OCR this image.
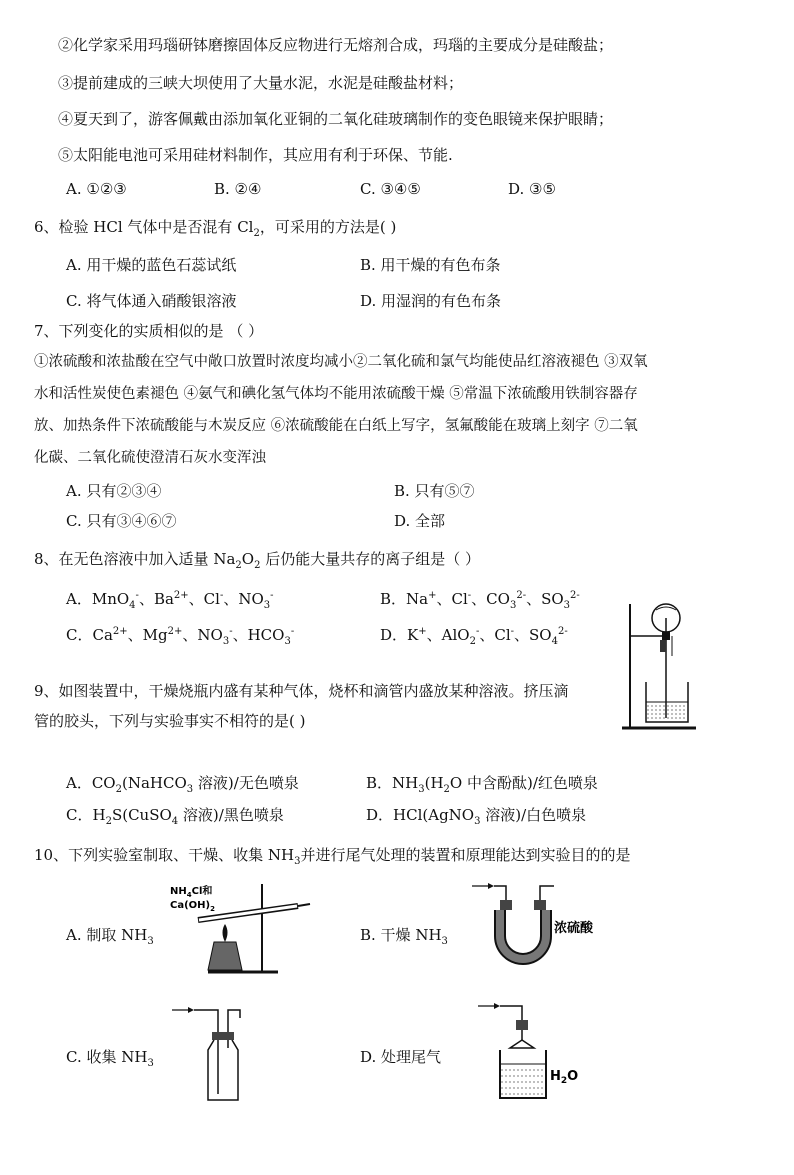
②化学家采用玛瑙研钵磨擦固体反应物进行无熔剂合成，玛瑙的主要成分是硅酸盐；
③提前建成的三峡大坝使用了大量水泥，水泥是硅酸盐材料；
④夏天到了，游客佩戴由添加氧化亚铜的二氧化硅玻璃制作的变色眼镜来保护眼睛；
⑤太阳能电池可采用硅材料制作，其应用有利于环保、节能.
A. ①②③	B. ②④	C. ③④⑤	D. ③⑤
6、检验 HCl 气体中是否混有 $Cl_2$，可采用的方法是( )
A. 用干燥的蓝色石蕊试纸	B. 用干燥的有色布条
C. 将气体通入硝酸银溶液	D. 用湿润的有色布条
7、下列变化的实质相似的是 （ ）
①浓硫酸和浓盐酸在空气中敞口放置时浓度均减小②二氧化硫和氯气均能使品红溶液褪色 ③双氧
水和活性炭使色素褪色 ④氨气和碘化氢气体均不能用浓硫酸干燥 ⑤常温下浓硫酸用铁制容器存
放、加热条件下浓硫酸能与木炭反应 ⑥浓硫酸能在白纸上写字，氢氟酸能在玻璃上刻字 ⑦二氧
化碳、二氧化硫使澄清石灰水变浑浊
A. 只有②③④	B. 只有⑤⑦
C. 只有③④⑥⑦	D. 全部
8、在无色溶液中加入适量 $Na_2O_2$ 后仍能大量共存的离子组是（ ）
A．MnO$_4$-、$Ba^{2+}$、Cl-、$NO_3^-$	B．Na+、Cl-、$CO_3^{2-}$、$SO_3^{2-}$
C．$Ca^{2+}$、$Mg^{2+}$、$NO_3^-$、$HCO_3^-$	D．K+、AlO$_2$-、Cl-、$SO_4^{2-}$
9、如图装置中，干燥烧瓶内盛有某种气体，烧杯和滴管内盛放某种溶液。挤压滴
管的胶头，下列与实验事实不相符的是( )
A．$CO_2(NaHCO_3$ 溶液)/无色喷泉	B．$NH_3(H_2O$ 中含酚酞)/红色喷泉
C．$H_2S(CuSO_4$ 溶液)/黑色喷泉	D．HCl(AgNO$_3$ 溶液)/白色喷泉
10、下列实验室制取、干燥、收集 $NH_3$并进行尾气处理的装置和原理能达到实验目的的是
A. 制取 $NH_3$	B. 干燥 $NH_3$
C. 收集 $NH_3$	D. 处理尾气
$NH_4Cl$和
$Ca(OH)_2$
浓硫酸
$H_2O$
